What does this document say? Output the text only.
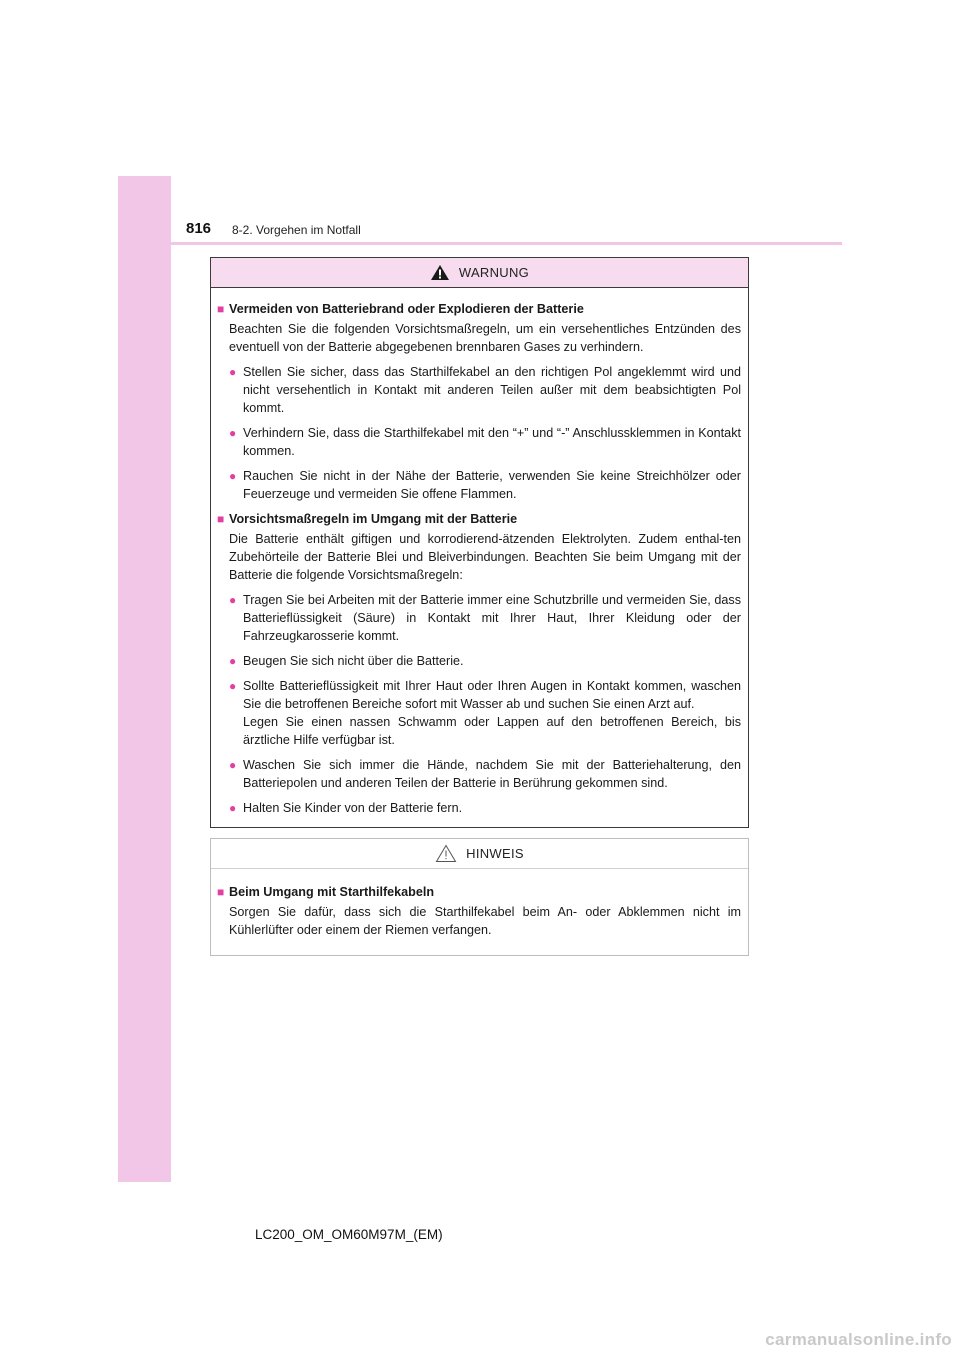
816 8-2. Vorgehen im Notfall
WARNUNG
■ Vermeiden von Batteriebrand oder Explodieren der Batterie

Beachten Sie die folgenden Vorsichtsmaßregeln, um ein versehentliches Entzünden des eventuell von der Batterie abgegebenen brennbaren Gases zu verhindern.

● Stellen Sie sicher, dass das Starthilfekabel an den richtigen Pol angeklemmt wird und nicht versehentlich in Kontakt mit anderen Teilen außer mit dem beabsichtigten Pol kommt.
● Verhindern Sie, dass die Starthilfekabel mit den “+” und “-” Anschlussklemmen in Kontakt kommen.
● Rauchen Sie nicht in der Nähe der Batterie, verwenden Sie keine Streichhölzer oder Feuerzeuge und vermeiden Sie offene Flammen.
■ Vorsichtsmaßregeln im Umgang mit der Batterie

Die Batterie enthält giftigen und korrodierend-ätzenden Elektrolyten. Zudem enthal-ten Zubehörteile der Batterie Blei und Bleiverbindungen. Beachten Sie beim Umgang mit der Batterie die folgende Vorsichtsmaßregeln:

● Tragen Sie bei Arbeiten mit der Batterie immer eine Schutzbrille und vermeiden Sie, dass Batterieflüssigkeit (Säure) in Kontakt mit Ihrer Haut, Ihrer Kleidung oder der Fahrzeugkarosserie kommt.
● Beugen Sie sich nicht über die Batterie.
● Sollte Batterieflüssigkeit mit Ihrer Haut oder Ihren Augen in Kontakt kommen, waschen Sie die betroffenen Bereiche sofort mit Wasser ab und suchen Sie einen Arzt auf.
Legen Sie einen nassen Schwamm oder Lappen auf den betroffenen Bereich, bis ärztliche Hilfe verfügbar ist.
● Waschen Sie sich immer die Hände, nachdem Sie mit der Batteriehalterung, den Batteriepolen und anderen Teilen der Batterie in Berührung gekommen sind.
● Halten Sie Kinder von der Batterie fern.
HINWEIS
■ Beim Umgang mit Starthilfekabeln

Sorgen Sie dafür, dass sich die Starthilfekabel beim An- oder Abklemmen nicht im Kühlerlüfter oder einem der Riemen verfangen.

LC200_OM_OM60M97M_(EM)
carmanualsonline.info
